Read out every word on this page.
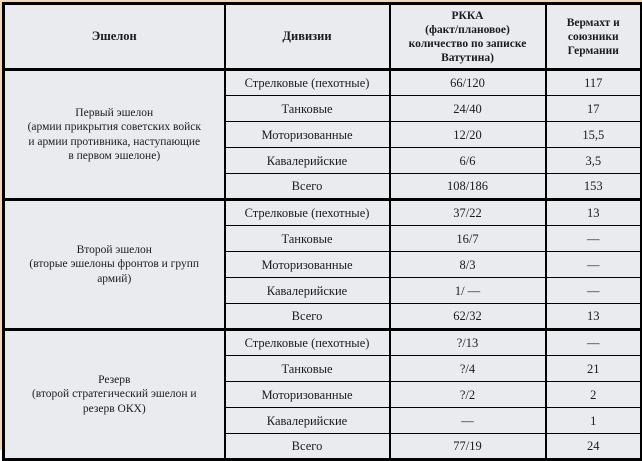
Эшелон	Дивизии	РККА
(факт/плановое)
количество по записке
Ватутина)	Вермахт и
союзники
Германии
Первый эшелон
(армии прикрытия советских войск
и армии противника, наступающие
в первом эшелоне)	Стрелковые (пехотные)	66/120	117
	Танковые	24/40	17
	Моторизованные	12/20	15,5
	Кавалерийские	6/6	3,5
	Всего	108/186	153
Второй эшелон
(вторые эшелоны фронтов и групп
армий)	Стрелковые (пехотные)	37/22	13
	Танковые	16/7	—
	Моторизованные	8/3	—
	Кавалерийские	1/ —	—
	Всего	62/32	13
Резерв
(второй стратегический эшелон и
резерв ОКХ)	Стрелковые (пехотные)	?/13	—
	Танковые	?/4	21
	Моторизованные	?/2	2
	Кавалерийские	—	1
	Всего	77/19	24
